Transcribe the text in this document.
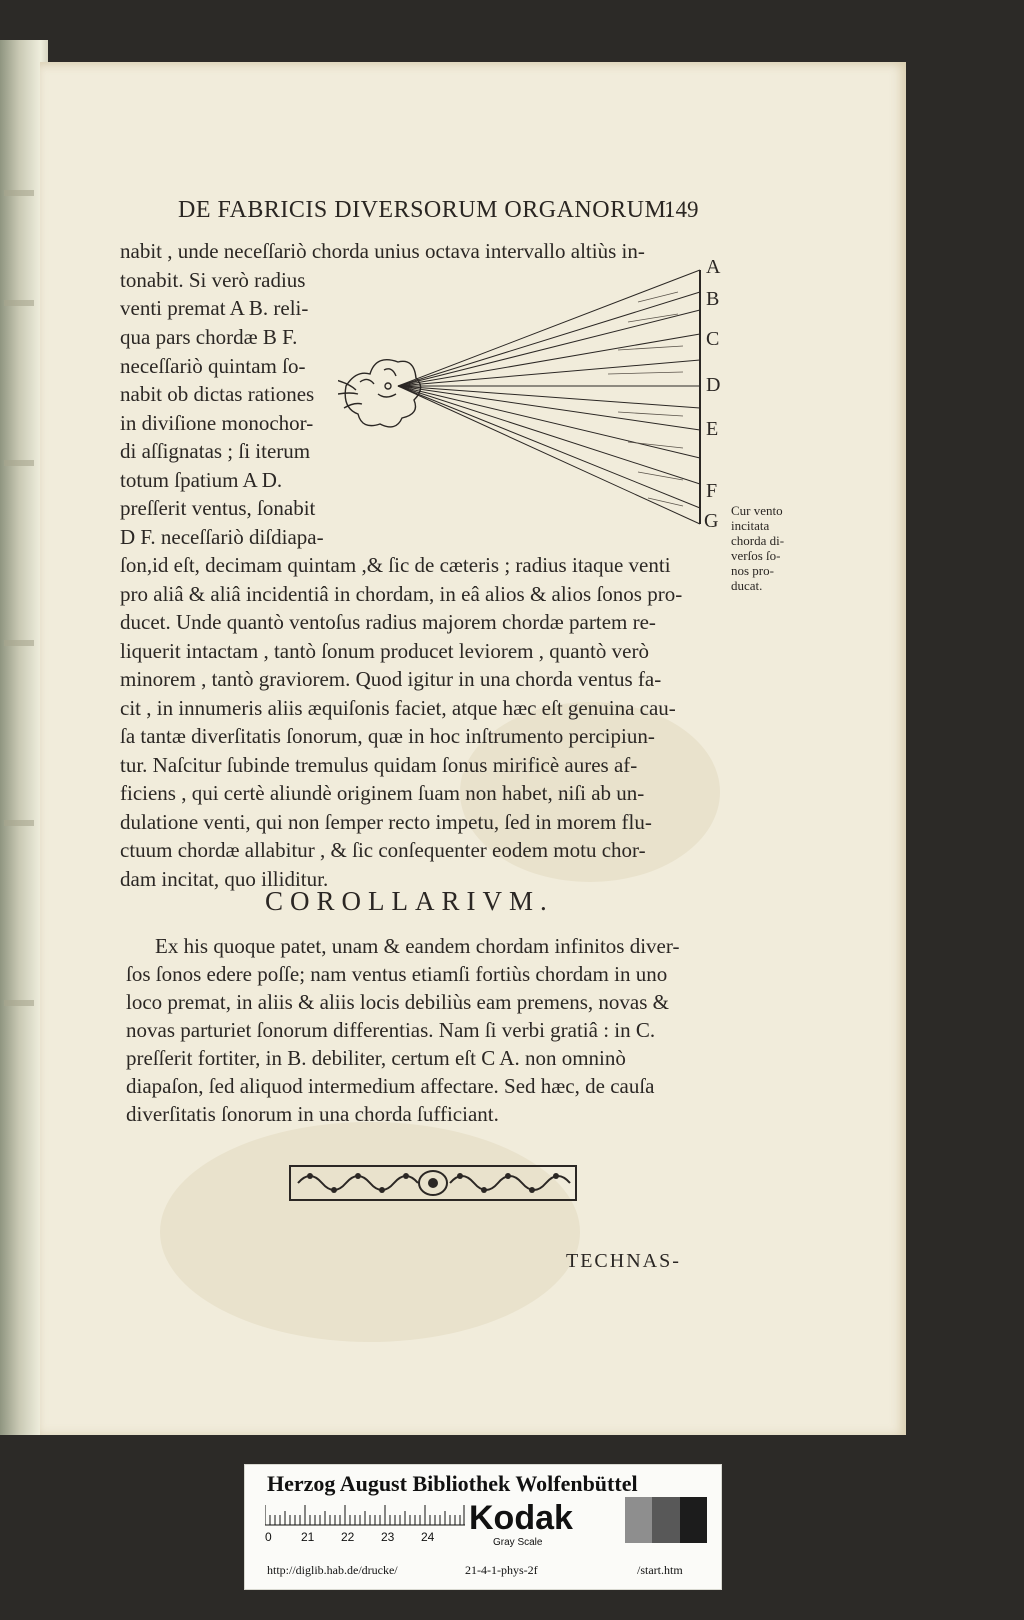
DE FABRICIS DIVERSORUM ORGANORUM.
149
nabit , unde neceſſariò chorda unius octava intervallo altiùs in-
tonabit. Si verò radius
venti premat A B. reli-
qua pars chordæ B F.
neceſſariò quintam ſo-
nabit ob dictas rationes
in diviſione monochor-
di aſſignatas ; ſi iterum
totum ſpatium A D.
preſſerit ventus, ſonabit
D F. neceſſariò diſdiapa-
ſon,id eſt, decimam quintam ,& ſic de cæteris ; radius itaque venti
pro aliâ & aliâ incidentiâ in chordam, in eâ alios & alios ſonos pro-
ducet. Unde quantò ventoſus radius majorem chordæ partem re-
liquerit intactam , tantò ſonum producet leviorem , quantò verò
minorem , tantò graviorem. Quod igitur in una chorda ventus fa-
cit , in innumeris aliis æquiſonis faciet, atque hæc eſt genuina cau-
ſa tantæ diverſitatis ſonorum, quæ in hoc inſtrumento percipiun-
tur. Naſcitur ſubinde tremulus quidam ſonus mirificè aures af-
ficiens , qui certè aliundè originem ſuam non habet, niſi ab un-
dulatione venti, qui non ſemper recto impetu, ſed in morem flu-
ctuum chordæ allabitur , & ſic conſequenter eodem motu chor-
dam incitat, quo illiditur.
COROLLARIVM.
Ex his quoque patet, unam & eandem chordam infinitos diver-
ſos ſonos edere poſſe; nam ventus etiamſi fortiùs chordam in uno
loco premat, in aliis & aliis locis debiliùs eam premens, novas &
novas parturiet ſonorum differentias. Nam ſi verbi gratiâ : in C.
preſſerit fortiter, in B. debiliter, certum eſt C A. non omninò
diapaſon, ſed aliquod intermedium affectare. Sed hæc, de cauſa
diverſitatis ſonorum in una chorda ſufficiant.
Cur vento
incitata
chorda di-
verſos ſo-
nos pro-
ducat.
A
B
C
D
E
F
G
TECHNAS-
Herzog August Bibliothek Wolfenbüttel
0 21 22 23 24 Kodak
Gray Scale
http://diglib.hab.de/drucke/	21-4-1-phys-2f	/start.htm
